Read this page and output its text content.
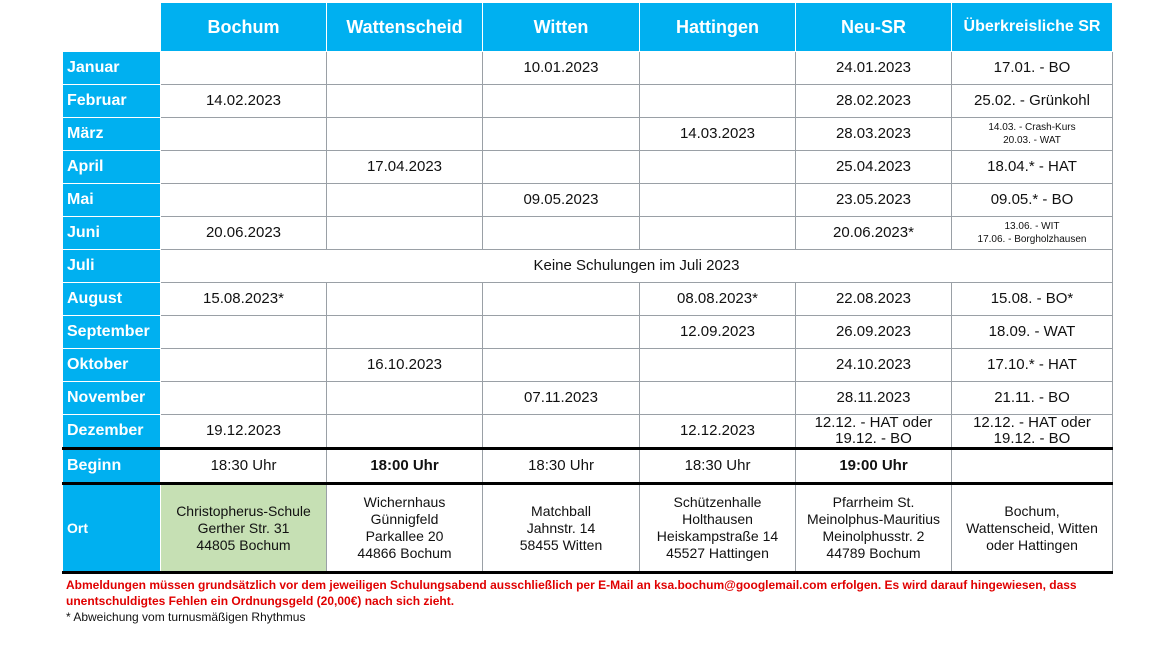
	Bochum	Wattenscheid	Witten	Hattingen	Neu-SR	Überkreisliche SR
Januar			10.01.2023		24.01.2023	17.01. - BO
Februar	14.02.2023				28.02.2023	25.02. - Grünkohl
März				14.03.2023	28.03.2023	14.03. - Crash-Kurs
20.03. - WAT
April		17.04.2023			25.04.2023	18.04.* - HAT
Mai			09.05.2023		23.05.2023	09.05.* - BO
Juni	20.06.2023				20.06.2023*	13.06. - WIT
17.06. - Borgholzhausen
Juli	Keine Schulungen im Juli 2023					
August	15.08.2023*			08.08.2023*	22.08.2023	15.08. - BO*
September				12.09.2023	26.09.2023	18.09. - WAT
Oktober		16.10.2023			24.10.2023	17.10.* - HAT
November			07.11.2023		28.11.2023	21.11. - BO
Dezember	19.12.2023			12.12.2023	12.12. - HAT oder
19.12. - BO	12.12. - HAT oder
19.12. - BO
Beginn	18:30 Uhr	18:00 Uhr	18:30 Uhr	18:30 Uhr	19:00 Uhr	
Ort	Christopherus-Schule
Gerther Str. 31
44805 Bochum	Wichernhaus
Günnigfeld
Parkallee 20
44866 Bochum	Matchball
Jahnstr. 14
58455 Witten	Schützenhalle
Holthausen
Heiskampstraße 14
45527 Hattingen	Pfarrheim St.
Meinolphus-Mauritius
Meinolphusstr. 2
44789 Bochum	Bochum,
Wattenscheid, Witten
oder Hattingen
Abmeldungen müssen grundsätzlich vor dem jeweiligen Schulungsabend ausschließlich per E-Mail an ksa.bochum@googlemail.com erfolgen. Es wird darauf hingewiesen, dass unentschuldigtes Fehlen ein Ordnungsgeld (20,00€) nach sich zieht.
* Abweichung vom turnusmäßigen Rhythmus
